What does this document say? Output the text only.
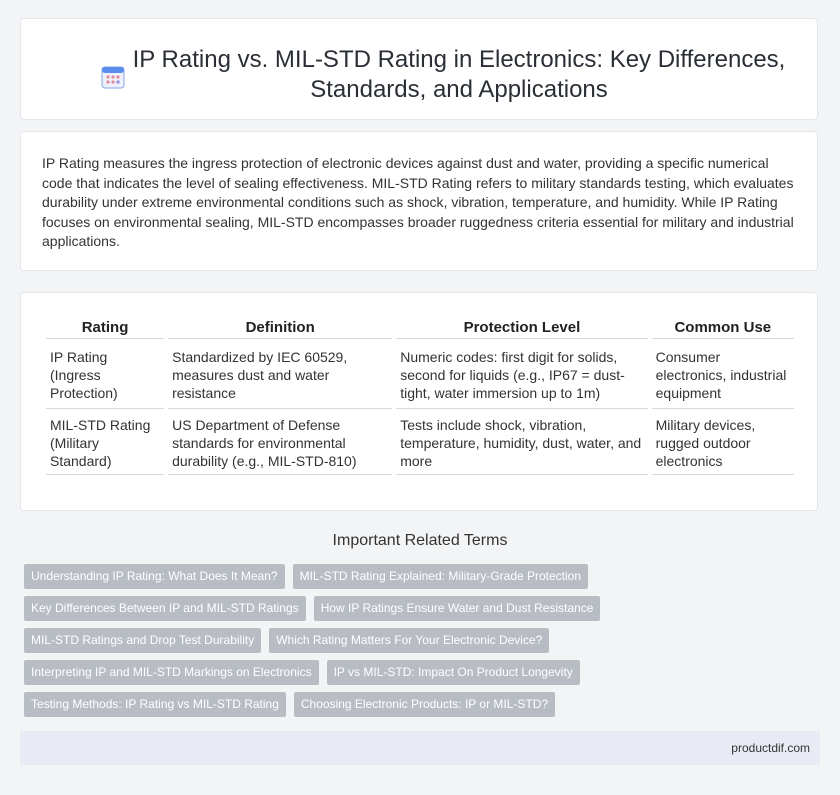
IP Rating vs. MIL-STD Rating in Electronics: Key Differences, Standards, and Applications

IP Rating measures the ingress protection of electronic devices against dust and water, providing a specific numerical code that indicates the level of sealing effectiveness. MIL-STD Rating refers to military standards testing, which evaluates durability under extreme environmental conditions such as shock, vibration, temperature, and humidity. While IP Rating focuses on environmental sealing, MIL-STD encompasses broader ruggedness criteria essential for military and industrial applications.

Rating	Definition	Protection Level	Common Use
IP Rating (Ingress Protection)	Standardized by IEC 60529, measures dust and water resistance	Numeric codes: first digit for solids, second for liquids (e.g., IP67 = dust-tight, water immersion up to 1m)	Consumer electronics, industrial equipment
MIL-STD Rating (Military Standard)	US Department of Defense standards for environmental durability (e.g., MIL-STD-810)	Tests include shock, vibration, temperature, humidity, dust, water, and more	Military devices, rugged outdoor electronics
Important Related Terms
Understanding IP Rating: What Does It Mean?	MIL-STD Rating Explained: Military-Grade Protection
Key Differences Between IP and MIL-STD Ratings	How IP Ratings Ensure Water and Dust Resistance
MIL-STD Ratings and Drop Test Durability	Which Rating Matters For Your Electronic Device?
Interpreting IP and MIL-STD Markings on Electronics	IP vs MIL-STD: Impact On Product Longevity
Testing Methods: IP Rating vs MIL-STD Rating	Choosing Electronic Products: IP or MIL-STD?
productdif.com
